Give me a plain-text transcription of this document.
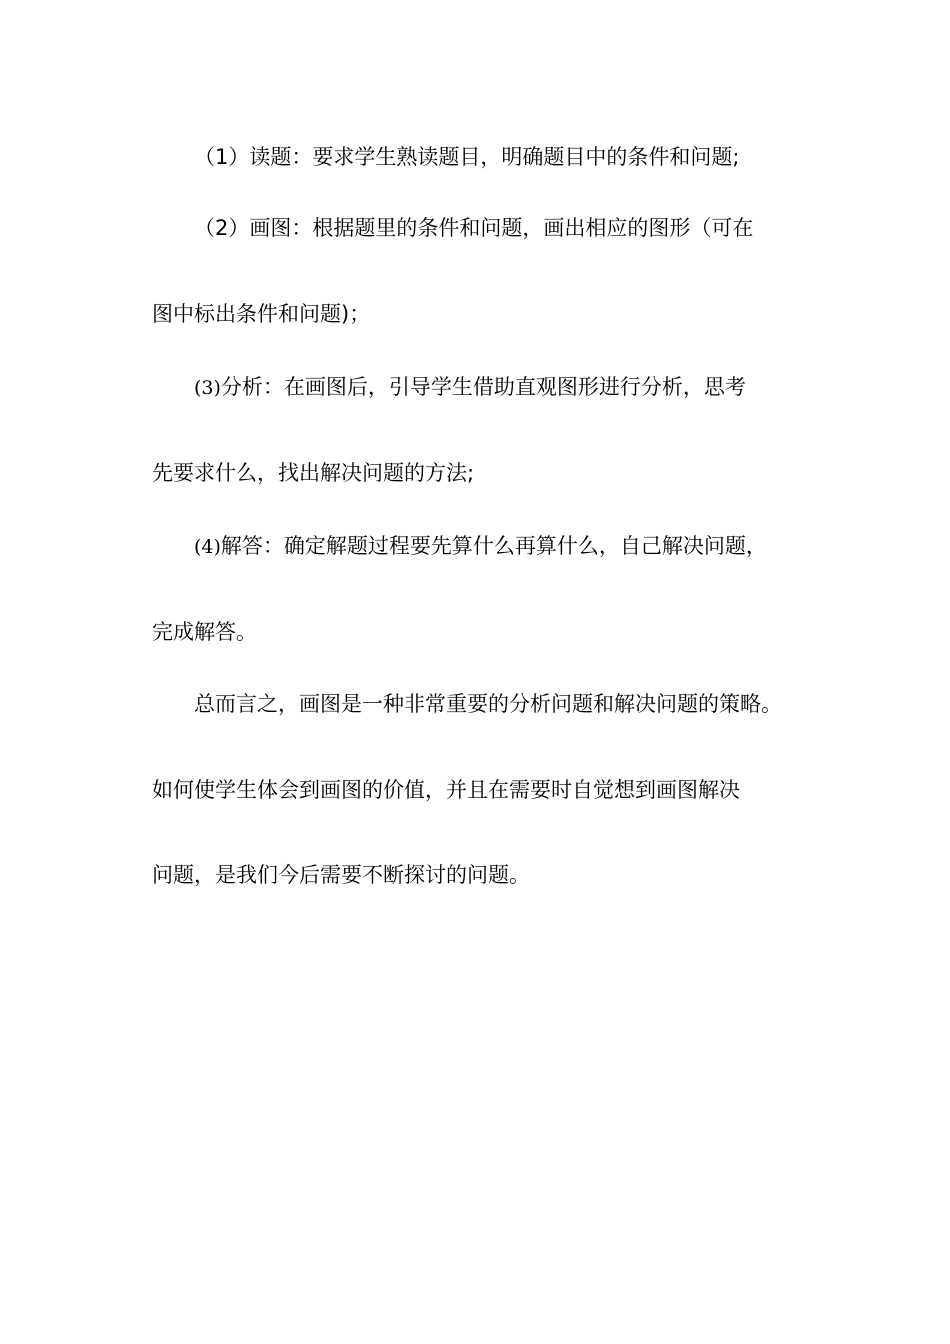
（1）读题：要求学生熟读题目，明确题目中的条件和问题;

（2）画图：根据题里的条件和问题，画出相应的图形（可在

图中标出条件和问题)；

(3)分析：在画图后，引导学生借助直观图形进行分析，思考

先要求什么，找出解决问题的方法;

(4)解答：确定解题过程要先算什么再算什么，自己解决问题，

完成解答。

总而言之，画图是一种非常重要的分析问题和解决问题的策略。

如何使学生体会到画图的价值，并且在需要时自觉想到画图解决

问题，是我们今后需要不断探讨的问题。
